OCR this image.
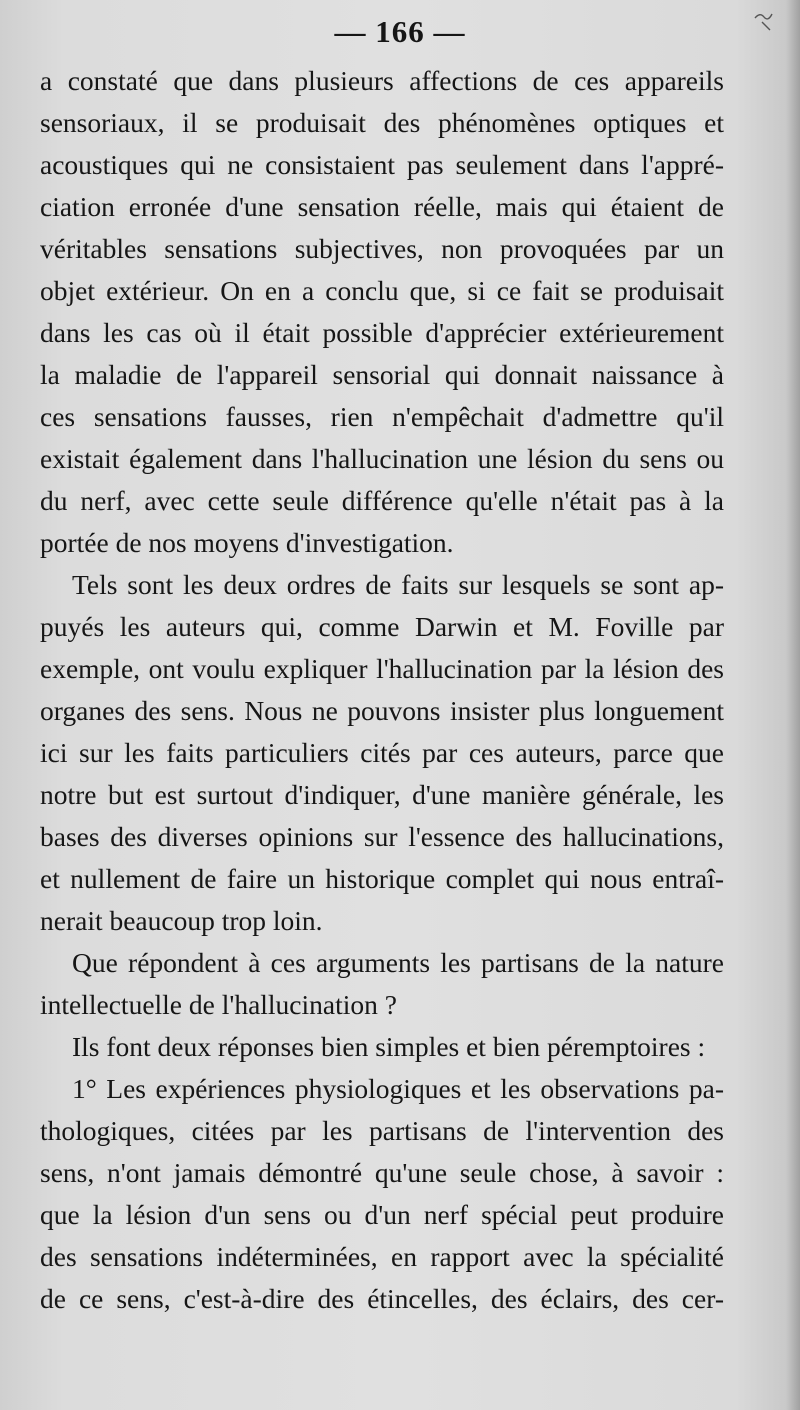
— 166 —
a constaté que dans plusieurs affections de ces appareils
sensoriaux, il se produisait des phénomènes optiques et
acoustiques qui ne consistaient pas seulement dans l'appré-
ciation erronée d'une sensation réelle, mais qui étaient de
véritables sensations subjectives, non provoquées par un
objet extérieur. On en a conclu que, si ce fait se produisait
dans les cas où il était possible d'apprécier extérieurement
la maladie de l'appareil sensorial qui donnait naissance à
ces sensations fausses, rien n'empêchait d'admettre qu'il
existait également dans l'hallucination une lésion du sens ou
du nerf, avec cette seule différence qu'elle n'était pas à la
portée de nos moyens d'investigation.
Tels sont les deux ordres de faits sur lesquels se sont ap-
puyés les auteurs qui, comme Darwin et M. Foville par
exemple, ont voulu expliquer l'hallucination par la lésion des
organes des sens. Nous ne pouvons insister plus longuement
ici sur les faits particuliers cités par ces auteurs, parce que
notre but est surtout d'indiquer, d'une manière générale, les
bases des diverses opinions sur l'essence des hallucinations,
et nullement de faire un historique complet qui nous entraî-
nerait beaucoup trop loin.
Que répondent à ces arguments les partisans de la nature
intellectuelle de l'hallucination ?
Ils font deux réponses bien simples et bien péremptoires :
1° Les expériences physiologiques et les observations pa-
thologiques, citées par les partisans de l'intervention des
sens, n'ont jamais démontré qu'une seule chose, à savoir :
que la lésion d'un sens ou d'un nerf spécial peut produire
des sensations indéterminées, en rapport avec la spécialité
de ce sens, c'est-à-dire des étincelles, des éclairs, des cer-
